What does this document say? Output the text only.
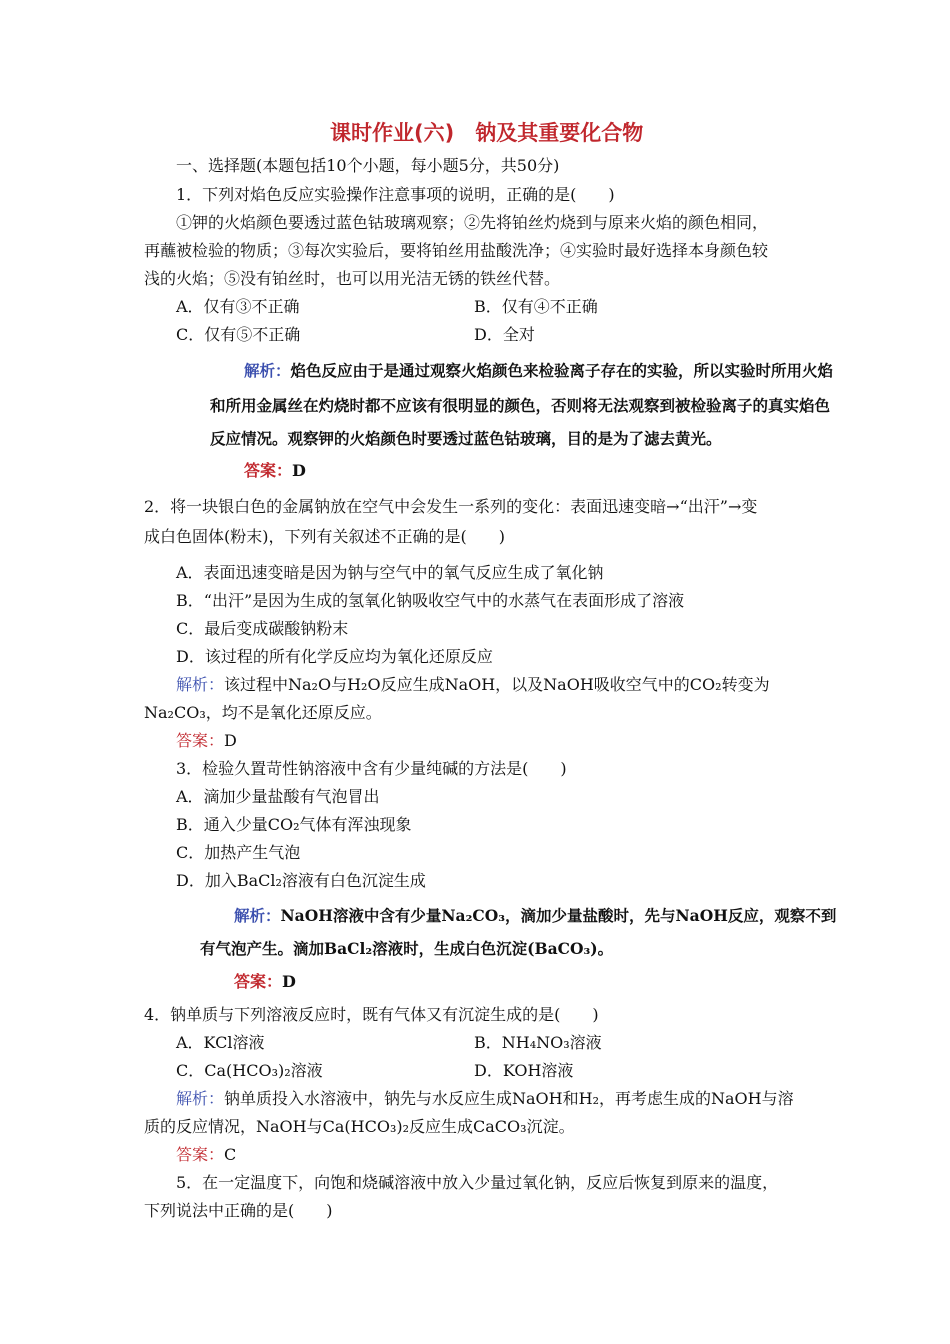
课时作业(六)　钠及其重要化合物
一、选择题(本题包括10个小题，每小题5分，共50分)
1．下列对焰色反应实验操作注意事项的说明，正确的是(　　)
①钾的火焰颜色要透过蓝色钴玻璃观察；②先将铂丝灼烧到与原来火焰的颜色相同，
再蘸被检验的物质；③每次实验后，要将铂丝用盐酸洗净；④实验时最好选择本身颜色较
浅的火焰；⑤没有铂丝时，也可以用光洁无锈的铁丝代替。
A．仅有③不正确	B．仅有④不正确
C．仅有⑤不正确	D．全对
解析：焰色反应由于是通过观察火焰颜色来检验离子存在的实验，所以实验时所用火焰
和所用金属丝在灼烧时都不应该有很明显的颜色，否则将无法观察到被检验离子的真实焰色
反应情况。观察钾的火焰颜色时要透过蓝色钴玻璃，目的是为了滤去黄光。
答案：D
2．将一块银白色的金属钠放在空气中会发生一系列的变化：表面迅速变暗→“出汗”→变
成白色固体(粉末)，下列有关叙述不正确的是(　　)
A．表面迅速变暗是因为钠与空气中的氧气反应生成了氧化钠
B．“出汗”是因为生成的氢氧化钠吸收空气中的水蒸气在表面形成了溶液
C．最后变成碳酸钠粉末
D．该过程的所有化学反应均为氧化还原反应
解析：该过程中Na₂O与H₂O反应生成NaOH，以及NaOH吸收空气中的CO₂转变为
Na₂CO₃，均不是氧化还原反应。
答案：D
3．检验久置苛性钠溶液中含有少量纯碱的方法是(　　)
A．滴加少量盐酸有气泡冒出
B．通入少量CO₂气体有浑浊现象
C．加热产生气泡
D．加入BaCl₂溶液有白色沉淀生成
解析：NaOH溶液中含有少量Na₂CO₃，滴加少量盐酸时，先与NaOH反应，观察不到
有气泡产生。滴加BaCl₂溶液时，生成白色沉淀(BaCO₃)。
答案：D
4．钠单质与下列溶液反应时，既有气体又有沉淀生成的是(　　)
A．KCl溶液	B．NH₄NO₃溶液
C．Ca(HCO₃)₂溶液	D．KOH溶液
解析：钠单质投入水溶液中，钠先与水反应生成NaOH和H₂，再考虑生成的NaOH与溶
质的反应情况，NaOH与Ca(HCO₃)₂反应生成CaCO₃沉淀。
答案：C
5．在一定温度下，向饱和烧碱溶液中放入少量过氧化钠，反应后恢复到原来的温度，
下列说法中正确的是(　　)
